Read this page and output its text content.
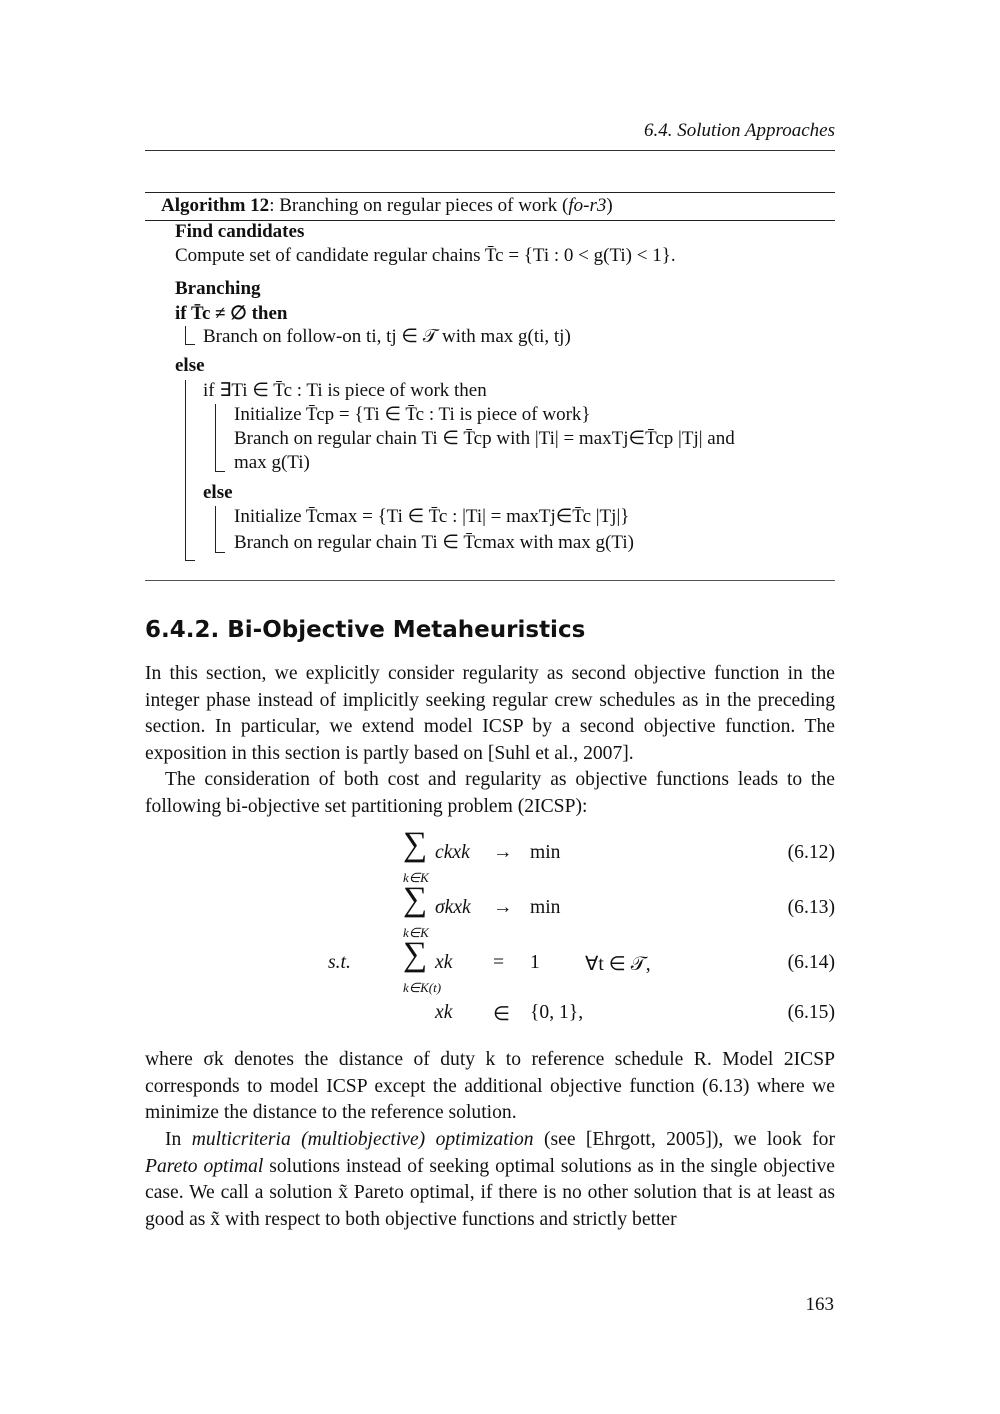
6.4. Solution Approaches
Algorithm 12: Branching on regular pieces of work (fo-r3)
Find candidates
Compute set of candidate regular chains T̄c = {Ti : 0 < g(Ti) < 1}.
Branching
if T̄c ≠ ∅ then
Branch on follow-on ti, tj ∈ 𝒯 with max g(ti, tj)
else
if ∃Ti ∈ T̄c : Ti is piece of work then
Initialize T̄cp = {Ti ∈ T̄c : Ti is piece of work}
Branch on regular chain Ti ∈ T̄cp with |Ti| = maxTj∈T̄cp |Tj| and
max g(Ti)
else
Initialize T̄cmax = {Ti ∈ T̄c : |Ti| = maxTj∈T̄c |Tj|}
Branch on regular chain Ti ∈ T̄cmax with max g(Ti)
6.4.2. Bi-Objective Metaheuristics
In this section, we explicitly consider regularity as second objective function in the integer phase instead of implicitly seeking regular crew schedules as in the preceding section. In particular, we extend model ICSP by a second objective function. The exposition in this section is partly based on [Suhl et al., 2007].
The consideration of both cost and regularity as objective functions leads to the following bi-objective set partitioning problem (2ICSP):
∑
k∈K
ckxk → min	(6.12)
∑
k∈K
σkxk → min	(6.13)
s.t. ∑
k∈K(t)
xk = 1 ∀t ∈ 𝒯,	(6.14)
xk ∈ {0, 1},	(6.15)
where σk denotes the distance of duty k to reference schedule R. Model 2ICSP corresponds to model ICSP except the additional objective function (6.13) where we minimize the distance to the reference solution.
In multicriteria (multiobjective) optimization (see [Ehrgott, 2005]), we look for Pareto optimal solutions instead of seeking optimal solutions as in the single objective case. We call a solution x̃ Pareto optimal, if there is no other solution that is at least as good as x̃ with respect to both objective functions and strictly better
163
